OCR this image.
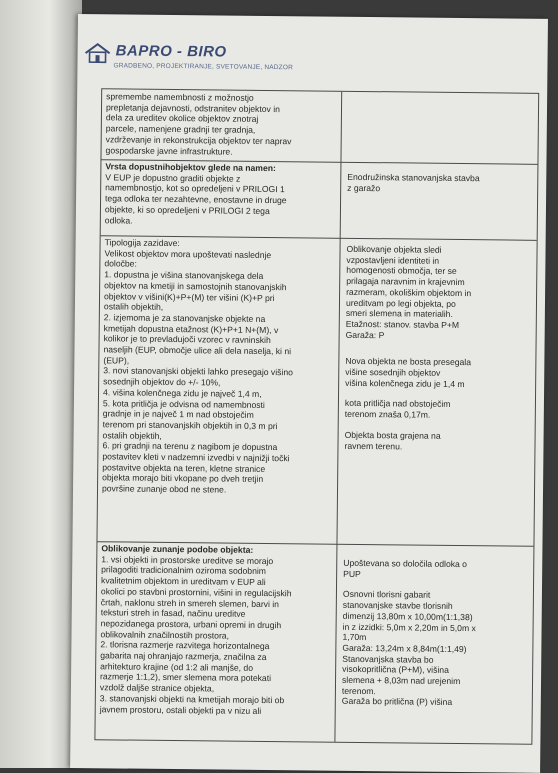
BAPRO - BIRO
GRADBENO, PROJEKTIRANJE, SVETOVANJE, NADZOR
spremembe namembnosti z možnostjo
prepletanja dejavnosti, odstranitev objektov in
dela za ureditev okolice objektov znotraj
parcele, namenjene gradnji ter gradnja,
vzdrževanje in rekonstrukcija objektov ter naprav
gospodarske javne infrastrukture.
Vrsta dopustnihobjektov glede na namen:
V EUP je dopustno graditi objekte z
namembnostjo, kot so opredeljeni v PRILOGI 1
tega odloka ter nezahtevne, enostavne in druge
objekte, ki so opredeljeni v PRILOGI 2 tega
odloka.
Enodružinska stanovanjska stavba
z garažo
Tipologija zazidave:
Velikost objektov mora upoštevati naslednje
določbe:
1. dopustna je višina stanovanjskega dela
objektov na kmetiji in samostojnih stanovanjskih
objektov v višini(K)+P+(M) ter višini (K)+P pri
ostalih objektih,
2. izjemoma je za stanovanjske objekte na
kmetijah dopustna etažnost (K)+P+1 N+(M), v
kolikor je to prevladujoči vzorec v ravninskih
naseljih (EUP, območje ulice ali dela naselja, ki ni
(EUP),
3. novi stanovanjski objekti lahko presegajo višino
sosednjih objektov do +/- 10%,
4. višina kolenčnega zidu je največ 1,4 m,
5. kota pritličja je odvisna od namembnosti
gradnje in je največ 1 m nad obstoječim
terenom pri stanovanjskih objektih in 0,3 m pri
ostalih objektih,
6. pri gradnji na terenu z nagibom je dopustna
postavitev kleti v nadzemni izvedbi v najnižji točki
postavitve objekta na teren, kletne stranice
objekta morajo biti vkopane po dveh tretjin
površine zunanje obod ne stene.
Oblikovanje objekta sledi
vzpostavljeni identiteti in
homogenosti območja, ter se
prilagaja naravnim in krajevnim
razmeram, okoliškim objektom in
ureditvam po legi objekta, po
smeri slemena in materialih.
Etažnost: stanov. stavba P+M
Garaža: P
Nova objekta ne bosta presegala
višine sosednjih objektov
višina kolenčnega zidu je 1,4 m
kota pritličja nad obstoječim
terenom znaša 0,17m.
Objekta bosta grajena na
ravnem terenu.
Oblikovanje zunanje podobe objekta:
1. vsi objekti in prostorske ureditve se morajo
prilagoditi tradicionalnim oziroma sodobnim
kvalitetnim objektom in ureditvam v EUP ali
okolici po stavbni prostornini, višini in regulacijskih
črtah, naklonu streh in smereh slemen, barvi in
teksturi streh in fasad, načinu ureditve
nepozidanega prostora, urbani opremi in drugih
oblikovalnih značilnostih prostora,
2. tlorisna razmerje razvitega horizontalnega
gabarita naj ohranjajo razmerja, značilna za
arhitekturo krajine (od 1:2 ali manjše, do
razmerje 1:1,2), smer slemena mora potekati
vzdolž daljše stranice objekta,
3. stanovanjski objekti na kmetijah morajo biti ob
javnem prostoru, ostali objekti pa v nizu ali
Upoštevana so določila odloka o
PUP
Osnovni tlorisni gabarit
stanovanjske stavbe tlorisnih
dimenzij 13,80m x 10,00m(1:1,38)
in z izzidki: 5,0m x 2,20m in 5,0m x
1,70m
Garaža: 13,24m x 8,84m(1:1,49)
Stanovanjska stavba bo
visokopritlična (P+M), višina
slemena + 8,03m nad urejenim
terenom.
Garaža bo pritlična (P) višina
